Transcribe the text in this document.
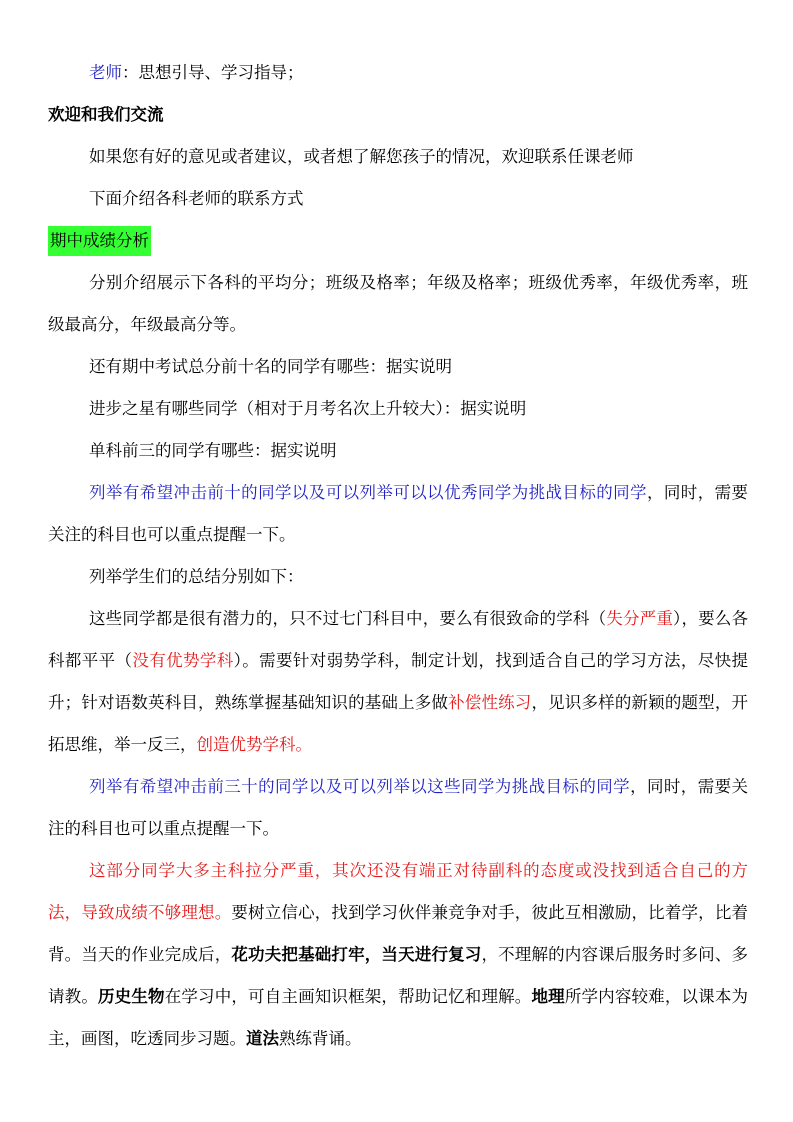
老师：思想引导、学习指导；

欢迎和我们交流

如果您有好的意见或者建议，或者想了解您孩子的情况，欢迎联系任课老师

下面介绍各科老师的联系方式

期中成绩分析

分别介绍展示下各科的平均分；班级及格率；年级及格率；班级优秀率，年级优秀率，班级最高分，年级最高分等。

还有期中考试总分前十名的同学有哪些：据实说明

进步之星有哪些同学（相对于月考名次上升较大）：据实说明

单科前三的同学有哪些：据实说明

列举有希望冲击前十的同学以及可以列举可以以优秀同学为挑战目标的同学，同时，需要关注的科目也可以重点提醒一下。

列举学生们的总结分别如下：

这些同学都是很有潜力的，只不过七门科目中，要么有很致命的学科（失分严重），要么各科都平平（没有优势学科）。需要针对弱势学科，制定计划，找到适合自己的学习方法，尽快提升；针对语数英科目，熟练掌握基础知识的基础上多做补偿性练习，见识多样的新颖的题型，开拓思维，举一反三，创造优势学科。

列举有希望冲击前三十的同学以及可以列举以这些同学为挑战目标的同学，同时，需要关注的科目也可以重点提醒一下。

这部分同学大多主科拉分严重，其次还没有端正对待副科的态度或没找到适合自己的方法，导致成绩不够理想。要树立信心，找到学习伙伴兼竞争对手，彼此互相激励，比着学，比着背。当天的作业完成后，花功夫把基础打牢，当天进行复习，不理解的内容课后服务时多问、多请教。历史生物在学习中，可自主画知识框架，帮助记忆和理解。地理所学内容较难，以课本为主，画图，吃透同步习题。道法熟练背诵。
